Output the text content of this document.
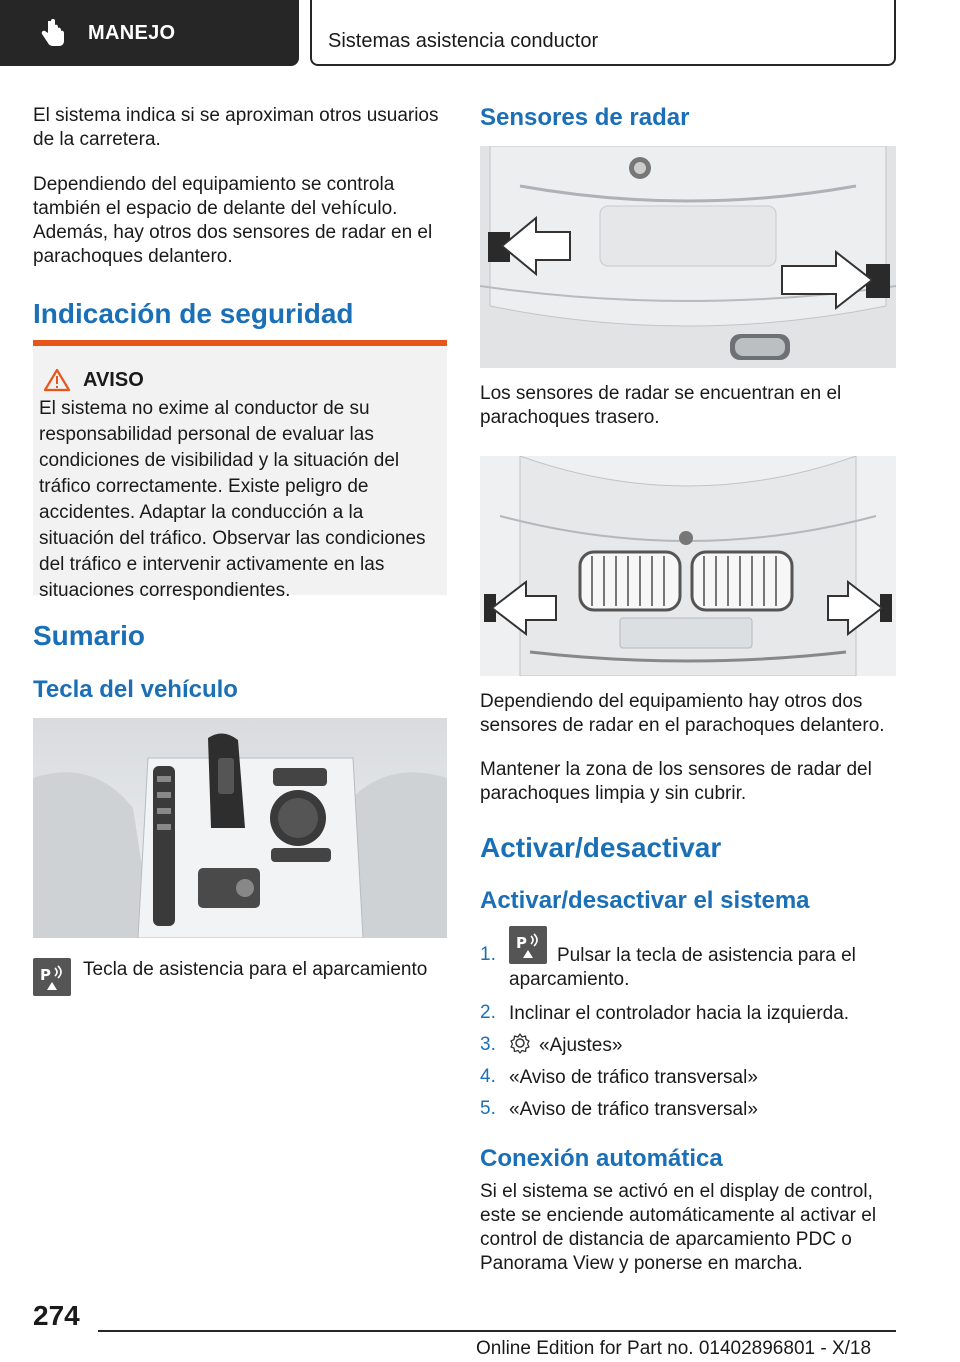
MANEJO	Sistemas asistencia conductor

El sistema indica si se aproximan otros usuarios de la carretera.

Dependiendo del equipamiento se controla también el espacio de delante del vehículo. Además, hay otros dos sensores de radar en el parachoques delantero.

Indicación de seguridad
AVISO

El sistema no exime al conductor de su responsabilidad personal de evaluar las condiciones de visibilidad y la situación del tráfico correctamente. Existe peligro de accidentes. Adaptar la conducción a la situación del tráfico. Observar las condiciones del tráfico e intervenir activamente en las situaciones correspondientes.

Sumario
Tecla del vehículo
P Tecla de asistencia para el aparcamiento

Sensores de radar

Los sensores de radar se encuentran en el parachoques trasero.

Dependiendo del equipamiento hay otros dos sensores de radar en el parachoques delantero.

Mantener la zona de los sensores de radar del parachoques limpia y sin cubrir.

Activar/desactivar
Activar/desactivar el sistema
1.
P
Pulsar la tecla de asistencia para el aparcamiento.
2. Inclinar el controlador hacia la izquierda.
3. «Ajustes»
4. «Aviso de tráfico transversal»
5. «Aviso de tráfico transversal»
Conexión automática

Si el sistema se activó en el display de control, este se enciende automáticamente al activar el control de distancia de aparcamiento PDC o Panorama View y ponerse en marcha.

274
Online Edition for Part no. 01402896801 - X/18
